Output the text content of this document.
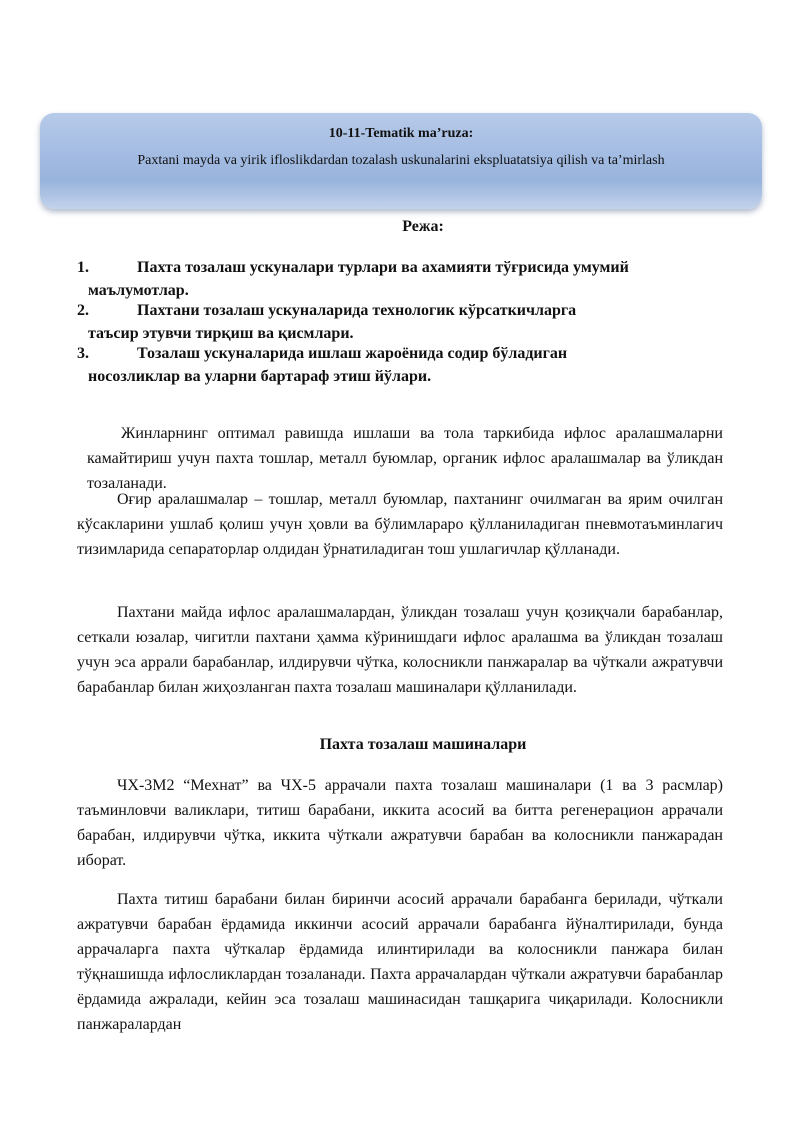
10-11-Tematik ma’ruza:
Paxtani mayda va yirik ifloslikdardan tozalash uskunalarini ekspluatatsiya qilish va ta’mirlash
Режа:
1.	Пахта тозалаш ускуналари турлари ва ахамияти тўғрисида умумий
маълумотлар.
2.	Пахтани тозалаш ускуналарида технологик кўрсаткичларга
таъсир этувчи тирқиш ва қисмлари.
3.	Тозалаш ускуналарида ишлаш жароёнида содир бўладиган
носозликлар ва уларни бартараф этиш йўлари.
Жинларнинг оптимал равишда ишлаши ва тола таркибида ифлос аралашмаларни камайтириш учун пахта тошлар, металл буюмлар, органик ифлос аралашмалар ва ўликдан тозаланади.
Оғир аралашмалар – тошлар, металл буюмлар, пахтанинг очилмаган ва ярим очилган кўсакларини ушлаб қолиш учун ҳовли ва бўлимлараро қўлланиладиган пневмотаъминлагич тизимларида сепараторлар олдидан ўрнатиладиган тош ушлагичлар қўлланади.
Пахтани майда ифлос аралашмалардан, ўликдан тозалаш учун қозиқчали барабанлар, сеткали юзалар, чигитли пахтани ҳамма кўринишдаги ифлос аралашма ва ўликдан тозалаш учун эса аррали барабанлар, илдирувчи чўтка, колосникли панжаралар ва чўткали ажратувчи барабанлар билан жиҳозланган пахта тозалаш машиналари қўлланилади.
Пахта тозалаш машиналари
ЧХ-3М2 “Мехнат” ва ЧХ-5 аррачали пахта тозалаш машиналари (1 ва 3 расмлар) таъминловчи валиклари, титиш барабани, иккита асосий ва битта регенерацион аррачали барабан, илдирувчи чўтка, иккита чўткали ажратувчи барабан ва колосникли панжарадан иборат.
Пахта титиш барабани билан биринчи асосий аррачали барабанга берилади, чўткали ажратувчи барабан ёрдамида иккинчи асосий аррачали барабанга йўналтирилади, бунда аррачаларга пахта чўткалар ёрдамида илинтирилади ва колосникли панжара билан тўқнашишда ифлосликлардан тозаланади. Пахта аррачалардан чўткали ажратувчи барабанлар ёрдамида ажралади, кейин эса тозалаш машинасидан ташқарига чиқарилади. Колосникли панжаралардан
